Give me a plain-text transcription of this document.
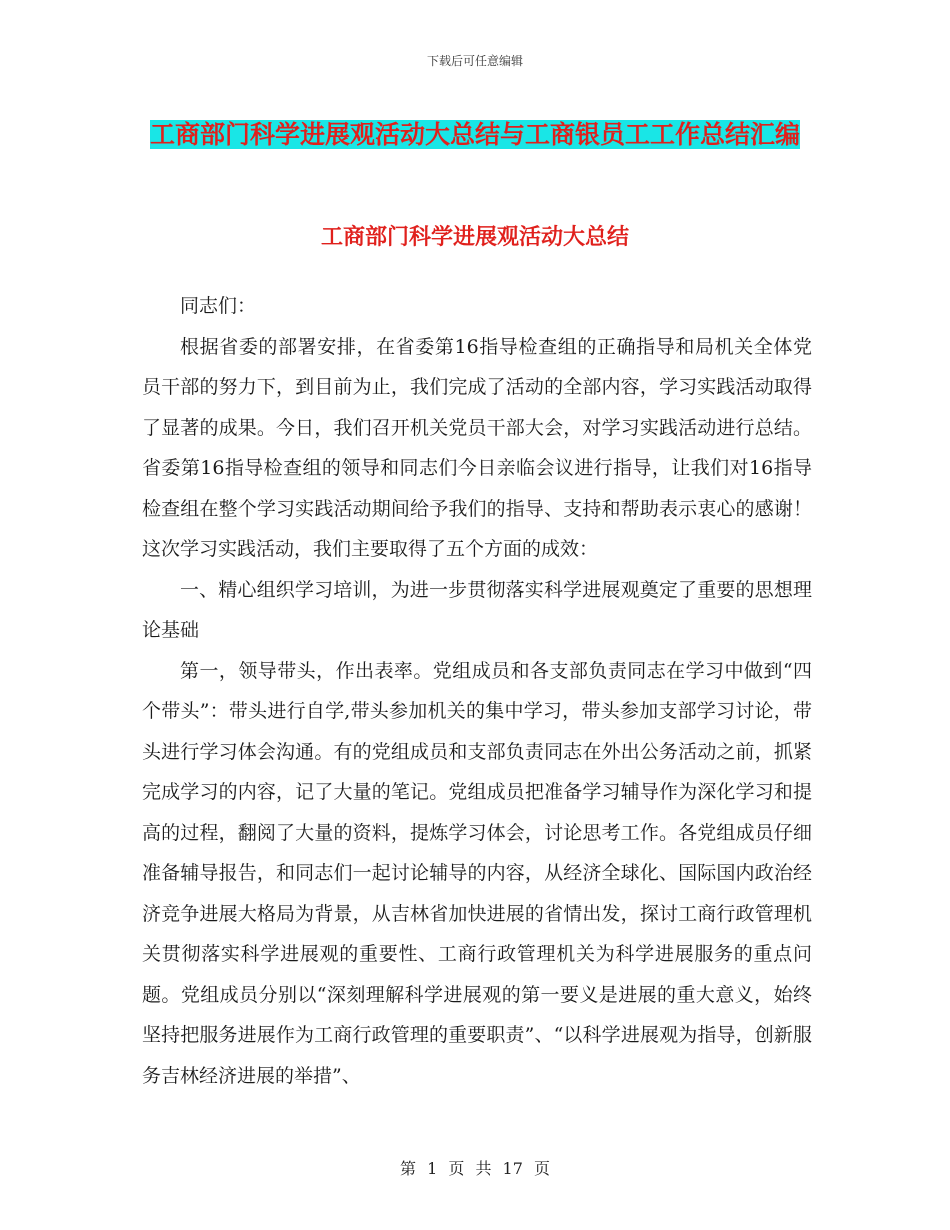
下载后可任意编辑
工商部门科学进展观活动大总结与工商银员工工作总结汇编
工商部门科学进展观活动大总结

同志们：

根据省委的部署安排，在省委第16指导检查组的正确指导和局机关全体党员干部的努力下，到目前为止，我们完成了活动的全部内容，学习实践活动取得了显著的成果。今日，我们召开机关党员干部大会，对学习实践活动进行总结。省委第16指导检查组的领导和同志们今日亲临会议进行指导，让我们对16指导检查组在整个学习实践活动期间给予我们的指导、支持和帮助表示衷心的感谢！这次学习实践活动，我们主要取得了五个方面的成效：

一、精心组织学习培训，为进一步贯彻落实科学进展观奠定了重要的思想理论基础

第一，领导带头，作出表率。党组成员和各支部负责同志在学习中做到“四个带头”：带头进行自学,带头参加机关的集中学习，带头参加支部学习讨论，带头进行学习体会沟通。有的党组成员和支部负责同志在外出公务活动之前，抓紧完成学习的内容，记了大量的笔记。党组成员把准备学习辅导作为深化学习和提高的过程，翻阅了大量的资料，提炼学习体会，讨论思考工作。各党组成员仔细准备辅导报告，和同志们一起讨论辅导的内容，从经济全球化、国际国内政治经济竞争进展大格局为背景，从吉林省加快进展的省情出发，探讨工商行政管理机关贯彻落实科学进展观的重要性、工商行政管理机关为科学进展服务的重点问题。党组成员分别以“深刻理解科学进展观的第一要义是进展的重大意义，始终坚持把服务进展作为工商行政管理的重要职责”、“以科学进展观为指导，创新服务吉林经济进展的举措”、

第 1 页 共 17 页
